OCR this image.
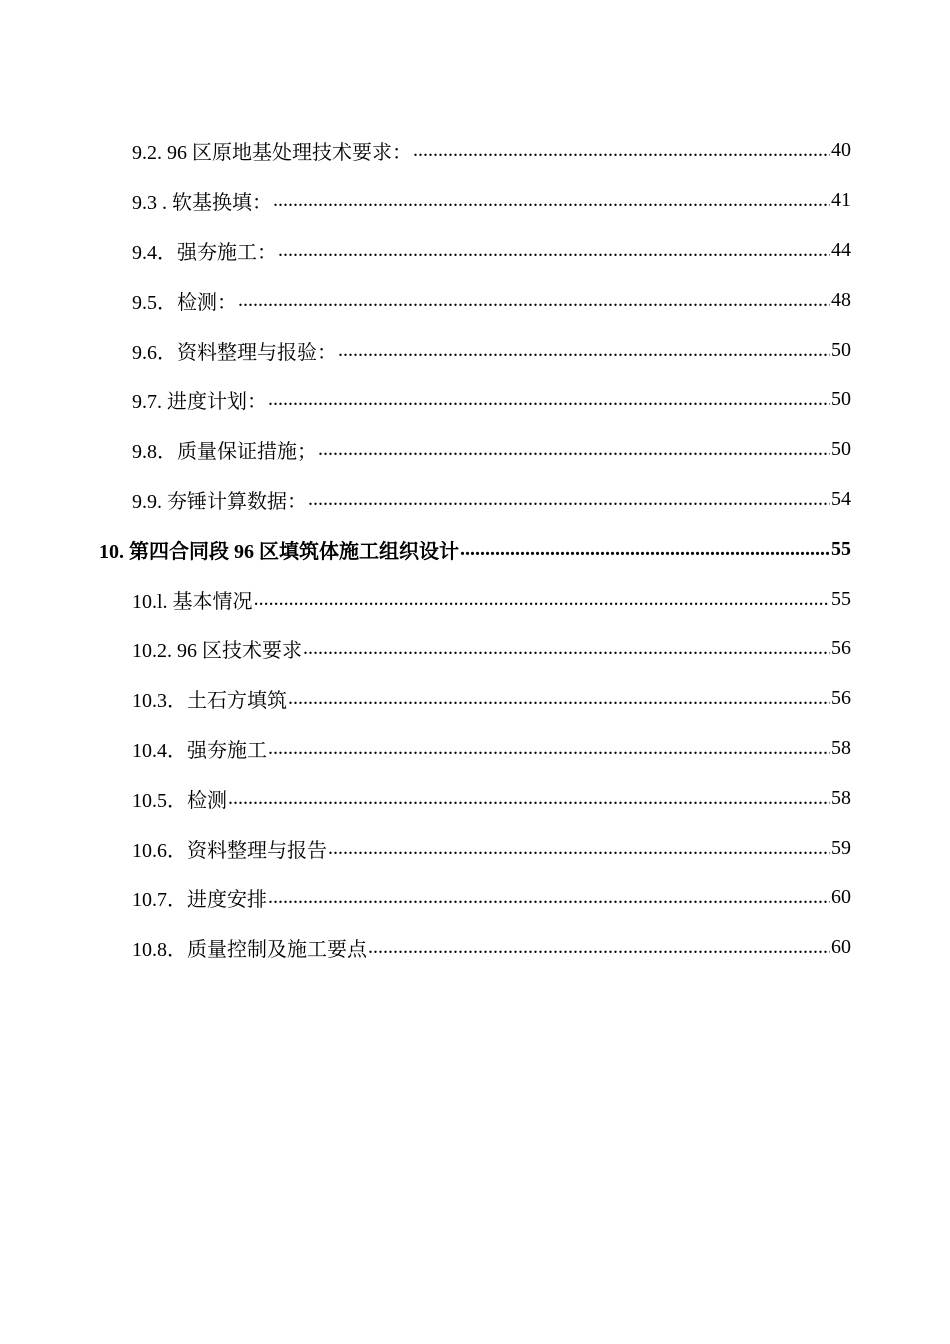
9.2. 96 区原地基处理技术要求： .....	40
9.3 . 软基换填： .....	41
9.4．强夯施工： .....	44
9.5．检测： .....	48
9.6．资料整理与报验： .....	50
9.7. 进度计划： .....	50
9.8．质量保证措施； .....	50
9.9. 夯锤计算数据： .....	54
10. 第四合同段 96 区填筑体施工组织设计 .....	55
10.l. 基本情况 .....	55
10.2. 96 区技术要求 .....	56
10.3．土石方填筑 .....	56
10.4．强夯施工 .....	58
10.5．检测 .....	58
10.6．资料整理与报告 .....	59
10.7．进度安排 .....	60
10.8．质量控制及施工要点 .....	60
